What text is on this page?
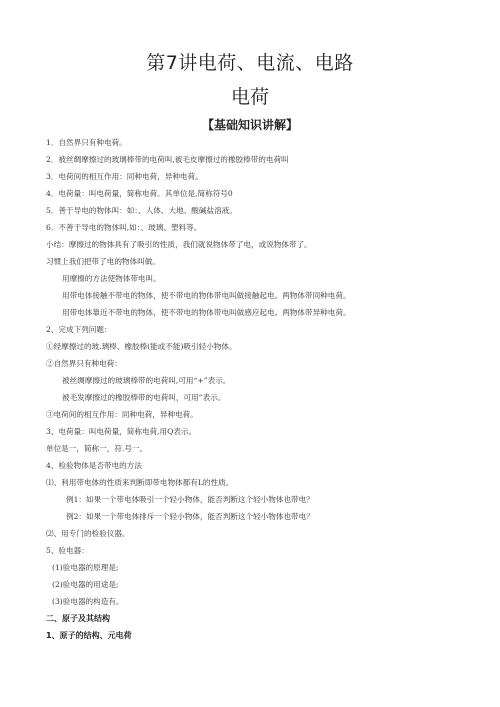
第7讲电荷、电流、电路
电荷
【基础知识讲解】
1．自然界只有种电荷。
2．被丝绸摩擦过的玻璃棒带的电荷叫,被毛皮摩擦过的橡胶棒带的电荷叫
3．电荷间的相互作用：同种电荷，异种电荷。
4．电荷量：叫电荷量，简称电荷。其单位是,简称符号0
5．善于导电的物体叫：如：、人体、大地、酸碱盐溶液。
6．不善于导电的物体叫,如：、玻璃、塑料等。
小结：摩擦过的物体具有了吸引的性质，我们就说物体带了电，或说物体带了。
习惯上我们把带了电的物体叫做。
用摩擦的方法使物体带电叫。
用带电体接触不带电的物体，使不带电的物体带电叫做接触起电。两物体带同种电荷。
用带电体靠近不带电的物体，使不带电的物体带电叫做感应起电。两物体带异种电荷。
2、完成下列问题：
①经摩擦过的玻.璃棒、橡胶棒(能或不能)吸引轻小物体。
②自然界只有种电荷：
被丝绸摩擦过的玻璃棒带的电荷叫,可用“+”表示。
被毛发摩擦过的橡胶棒带的电荷叫，可用”表示。
③电荷间的相互作用：同种电荷，异种电荷。
3、电荷量：叫电荷量，简称电荷,用Q表示。
单位是一，简称一，符.号一。
4、检验物体是否带电的方法
⑴、利用带电体的性质来判断即带电物体都有L的性质。
例1：如果一个带电体吸引一个轻小物体，能否判断这个轻小物体也带电？
例2：如果一个带电体排斥一个轻小物体，能否判断这个轻小物体也带电？
⑵、用专门的检验仪器。
5、验电器：
(1)验电器的原理是;
(2)验电器的用途是;
(3)验电器的构造有。
二、原子及其结构
1、原子的结构、元电荷
